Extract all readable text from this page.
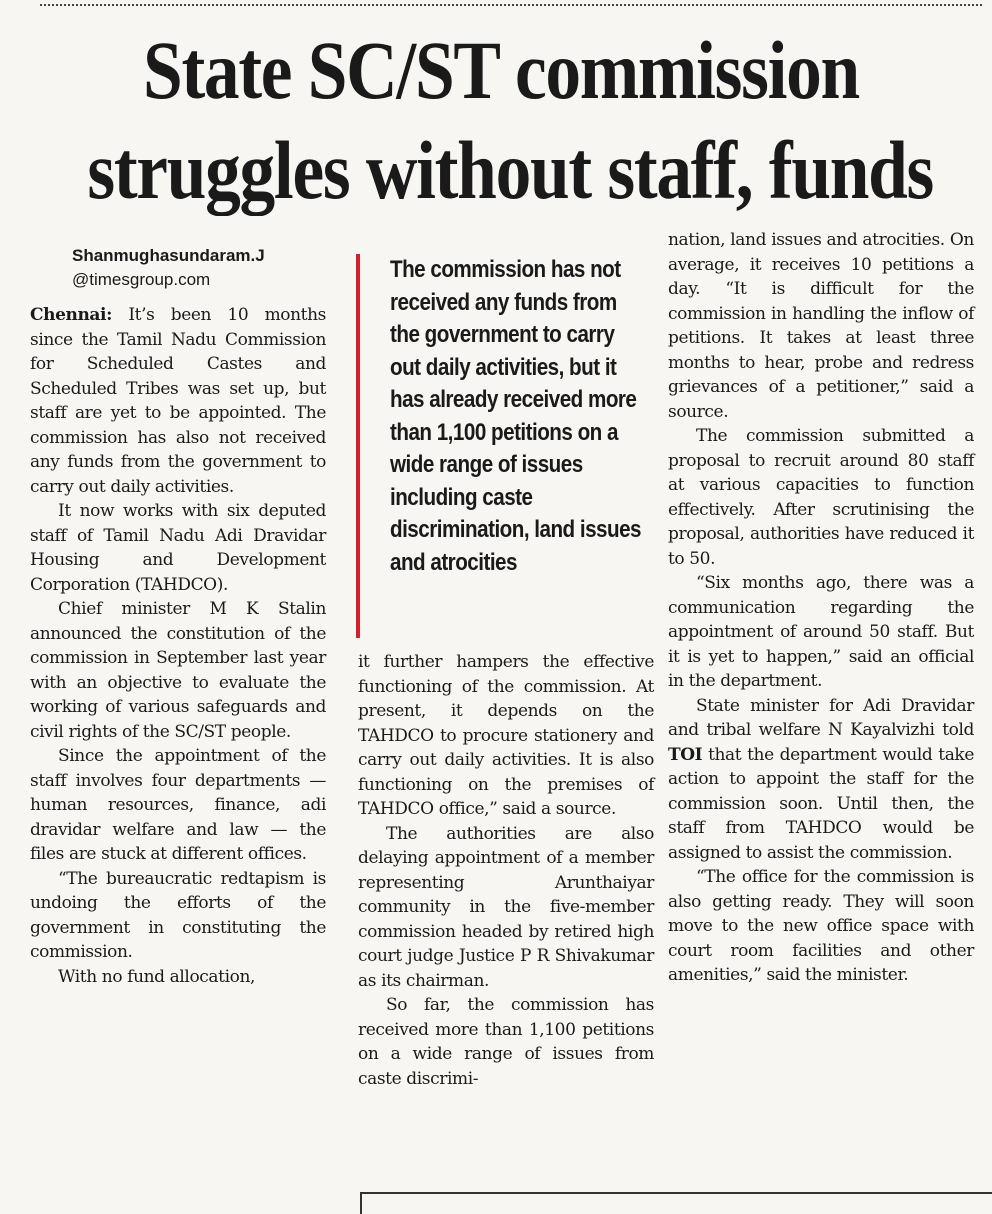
State SC/ST commission
struggles without staff, funds
Shanmughasundaram.J
@timesgroup.com

Chennai: It’s been 10 months since the Tamil Nadu Commission for Scheduled Castes and Scheduled Tribes was set up, but staff are yet to be appointed. The commission has also not received any funds from the government to carry out daily activities.

It now works with six deputed staff of Tamil Nadu Adi Dravidar Housing and Development Corporation (TAHDCO).

Chief minister M K Stalin announced the constitution of the commission in September last year with an objective to evaluate the working of various safeguards and civil rights of the SC/ST people.

Since the appointment of the staff involves four departments — human resources, finance, adi dravidar welfare and law — the files are stuck at different offices.

“The bureaucratic redtapism is undoing the efforts of the government in constituting the commission.

With no fund allocation,

The commission has not received any funds from the government to carry out daily activities, but it has already received more than 1,100 petitions on a wide range of issues including caste discrimination, land issues and atrocities

it further hampers the effective functioning of the commission. At present, it depends on the TAHDCO to procure stationery and carry out daily activities. It is also functioning on the premises of TAHDCO office,” said a source.

The authorities are also delaying appointment of a member representing Arunthaiyar community in the five-member commission headed by retired high court judge Justice P R Shivakumar as its chairman.

So far, the commission has received more than 1,100 petitions on a wide range of issues from caste discrimi-

nation, land issues and atrocities. On average, it receives 10 petitions a day. “It is difficult for the commission in handling the inflow of petitions. It takes at least three months to hear, probe and redress grievances of a petitioner,” said a source.

The commission submitted a proposal to recruit around 80 staff at various capacities to function effectively. After scrutinising the proposal, authorities have reduced it to 50.

“Six months ago, there was a communication regarding the appointment of around 50 staff. But it is yet to happen,” said an official in the department.

State minister for Adi Dravidar and tribal welfare N Kayalvizhi told TOI that the department would take action to appoint the staff for the commission soon. Until then, the staff from TAHDCO would be assigned to assist the commission.

“The office for the commission is also getting ready. They will soon move to the new office space with court room facilities and other amenities,” said the minister.
